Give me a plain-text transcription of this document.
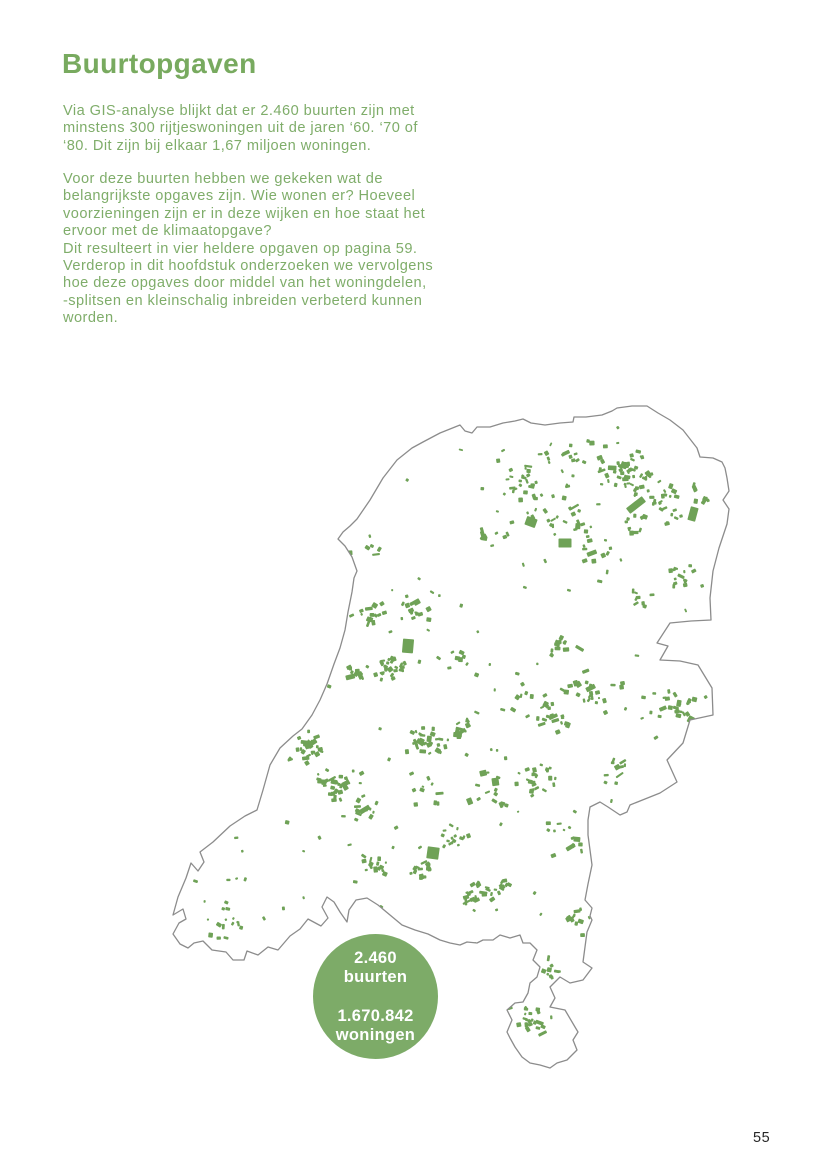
Buurtopgaven

Via GIS-analyse blijkt dat er 2.460 buurten zijn met minstens 300 rijtjeswoningen uit de jaren ‘60. ‘70 of ‘80. Dit zijn bij elkaar 1,67 miljoen woningen.

Voor deze buurten hebben we gekeken wat de belangrijkste opgaves zijn. Wie wonen er? Hoeveel voorzieningen zijn er in deze wijken en hoe staat het ervoor met de klimaatopgave?

Dit resulteert in vier heldere opgaven op pagina 59.

Verderop in dit hoofdstuk onderzoeken we vervolgens hoe deze opgaves door middel van het woningdelen, -splitsen en kleinschalig inbreiden verbeterd kunnen worden.

2.460
buurten
1.670.842
woningen
55
